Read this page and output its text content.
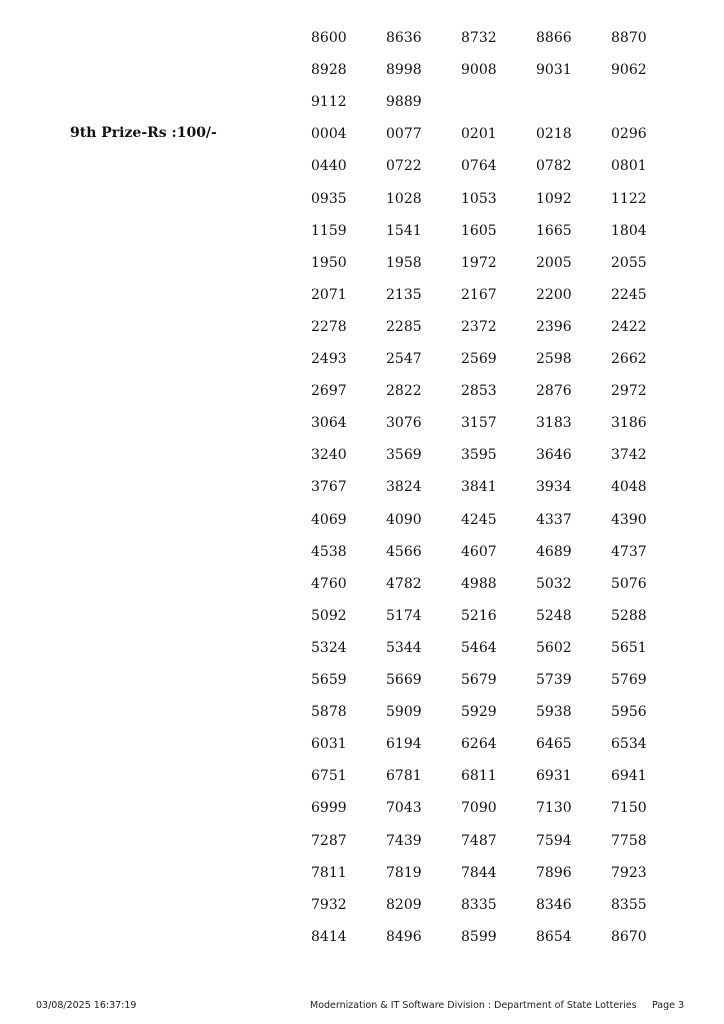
9th Prize-Rs :100/-
8600	8636	8732	8866	8870
8928	8998	9008	9031	9062
9112	9889
0004	0077	0201	0218	0296
0440	0722	0764	0782	0801
0935	1028	1053	1092	1122
1159	1541	1605	1665	1804
1950	1958	1972	2005	2055
2071	2135	2167	2200	2245
2278	2285	2372	2396	2422
2493	2547	2569	2598	2662
2697	2822	2853	2876	2972
3064	3076	3157	3183	3186
3240	3569	3595	3646	3742
3767	3824	3841	3934	4048
4069	4090	4245	4337	4390
4538	4566	4607	4689	4737
4760	4782	4988	5032	5076
5092	5174	5216	5248	5288
5324	5344	5464	5602	5651
5659	5669	5679	5739	5769
5878	5909	5929	5938	5956
6031	6194	6264	6465	6534
6751	6781	6811	6931	6941
6999	7043	7090	7130	7150
7287	7439	7487	7594	7758
7811	7819	7844	7896	7923
7932	8209	8335	8346	8355
8414	8496	8599	8654	8670
03/08/2025 16:37:19	Modernization & IT Software Division : Department of State Lotteries Page 3
